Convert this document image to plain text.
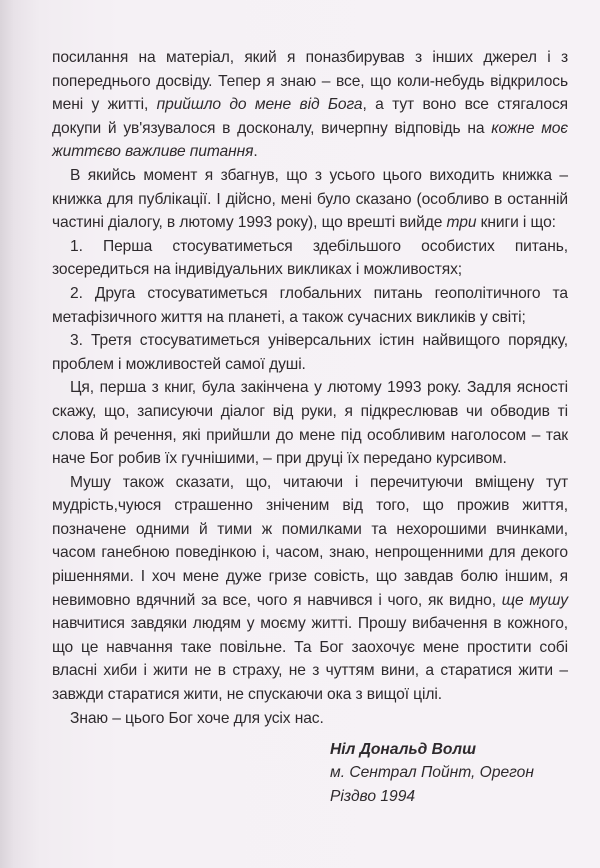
посилання на матеріал, який я поназбирував з інших джерел і з попереднього досвіду. Тепер я знаю – все, що коли-небудь відкрилось мені у житті, прийшло до мене від Бога, а тут воно все стягалося докупи й ув'язувалося в досконалу, вичерпну відповідь на кожне моє життєво важливе питання.

В якийсь момент я збагнув, що з усього цього виходить книжка – книжка для публікації. І дійсно, мені було сказано (особливо в останній частині діалогу, в лютому 1993 року), що врешті вийде три книги і що:

1. Перша стосуватиметься здебільшого особистих питань, зосередиться на індивідуальних викликах і можливостях;

2. Друга стосуватиметься глобальних питань геополітичного та метафізичного життя на планеті, а також сучасних викликів у світі;

3. Третя стосуватиметься універсальних істин найвищого порядку, проблем і можливостей самої душі.

Ця, перша з книг, була закінчена у лютому 1993 року. Задля ясності скажу, що, записуючи діалог від руки, я підкреслював чи обводив ті слова й речення, які прийшли до мене під особливим наголосом – так наче Бог робив їх гучнішими, – при друці їх передано курсивом.

Мушу також сказати, що, читаючи і перечитуючи вміщену тут мудрість,чуюся страшенно зніченим від того, що прожив життя, позначене одними й тими ж помилками та нехорошими вчинками, часом ганебною поведінкою і, часом, знаю, непрощенними для декого рішеннями. І хоч мене дуже гризе совість, що завдав болю іншим, я невимовно вдячний за все, чого я навчився і чого, як видно, ще мушу навчитися завдяки людям у моєму житті. Прошу вибачення в кожного, що це навчання таке повільне. Та Бог заохочує мене простити собі власні хиби і жити не в страху, не з чуттям вини, а старатися жити – завжди старатися жити, не спускаючи ока з вищої цілі.

Знаю – цього Бог хоче для усіх нас.

Ніл Дональд Волш
м. Сентрал Пойнт, Орегон
Різдво 1994
